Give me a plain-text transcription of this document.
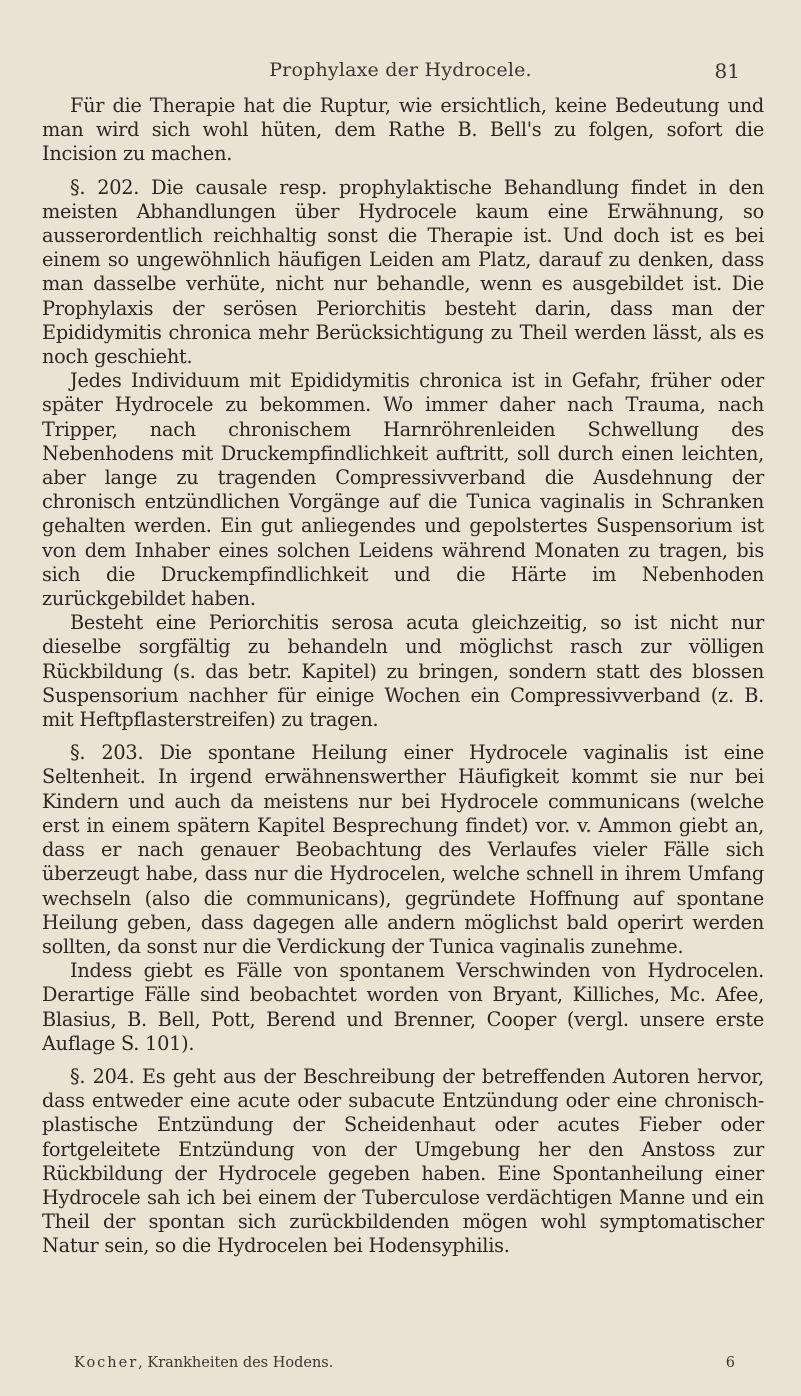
Prophylaxe der Hydrocele.	81

Für die Therapie hat die Ruptur, wie ersichtlich, keine Bedeutung und man wird sich wohl hüten, dem Rathe B. Bell's zu folgen, sofort die Incision zu machen.

§. 202. Die causale resp. prophylaktische Behandlung findet in den meisten Abhandlungen über Hydrocele kaum eine Erwähnung, so ausserordentlich reichhaltig sonst die Therapie ist. Und doch ist es bei einem so ungewöhnlich häufigen Leiden am Platz, darauf zu denken, dass man dasselbe verhüte, nicht nur behandle, wenn es ausgebildet ist. Die Prophylaxis der serösen Periorchitis besteht darin, dass man der Epididymitis chronica mehr Berücksichtigung zu Theil werden lässt, als es noch geschieht.

Jedes Individuum mit Epididymitis chronica ist in Gefahr, früher oder später Hydrocele zu bekommen. Wo immer daher nach Trauma, nach Tripper, nach chronischem Harnröhrenleiden Schwellung des Nebenhodens mit Druckempfindlichkeit auftritt, soll durch einen leichten, aber lange zu tragenden Compressivverband die Ausdehnung der chronisch entzündlichen Vorgänge auf die Tunica vaginalis in Schranken gehalten werden. Ein gut anliegendes und gepolstertes Suspensorium ist von dem Inhaber eines solchen Leidens während Monaten zu tragen, bis sich die Druckempfindlichkeit und die Härte im Nebenhoden zurückgebildet haben.

Besteht eine Periorchitis serosa acuta gleichzeitig, so ist nicht nur dieselbe sorgfältig zu behandeln und möglichst rasch zur völligen Rückbildung (s. das betr. Kapitel) zu bringen, sondern statt des blossen Suspensorium nachher für einige Wochen ein Compressivverband (z. B. mit Heftpflasterstreifen) zu tragen.

§. 203. Die spontane Heilung einer Hydrocele vaginalis ist eine Seltenheit. In irgend erwähnenswerther Häufigkeit kommt sie nur bei Kindern und auch da meistens nur bei Hydrocele communicans (welche erst in einem spätern Kapitel Besprechung findet) vor. v. Ammon giebt an, dass er nach genauer Beobachtung des Verlaufes vieler Fälle sich überzeugt habe, dass nur die Hydrocelen, welche schnell in ihrem Umfang wechseln (also die communicans), gegründete Hoffnung auf spontane Heilung geben, dass dagegen alle andern möglichst bald operirt werden sollten, da sonst nur die Verdickung der Tunica vaginalis zunehme.

Indess giebt es Fälle von spontanem Verschwinden von Hydrocelen. Derartige Fälle sind beobachtet worden von Bryant, Killiches, Mc. Afee, Blasius, B. Bell, Pott, Berend und Brenner, Cooper (vergl. unsere erste Auflage S. 101).

§. 204. Es geht aus der Beschreibung der betreffenden Autoren hervor, dass entweder eine acute oder subacute Entzündung oder eine chronisch-plastische Entzündung der Scheidenhaut oder acutes Fieber oder fortgeleitete Entzündung von der Umgebung her den Anstoss zur Rückbildung der Hydrocele gegeben haben. Eine Spontanheilung einer Hydrocele sah ich bei einem der Tuberculose verdächtigen Manne und ein Theil der spontan sich zurückbildenden mögen wohl symptomatischer Natur sein, so die Hydrocelen bei Hodensyphilis.

Kocher, Krankheiten des Hodens.	6
